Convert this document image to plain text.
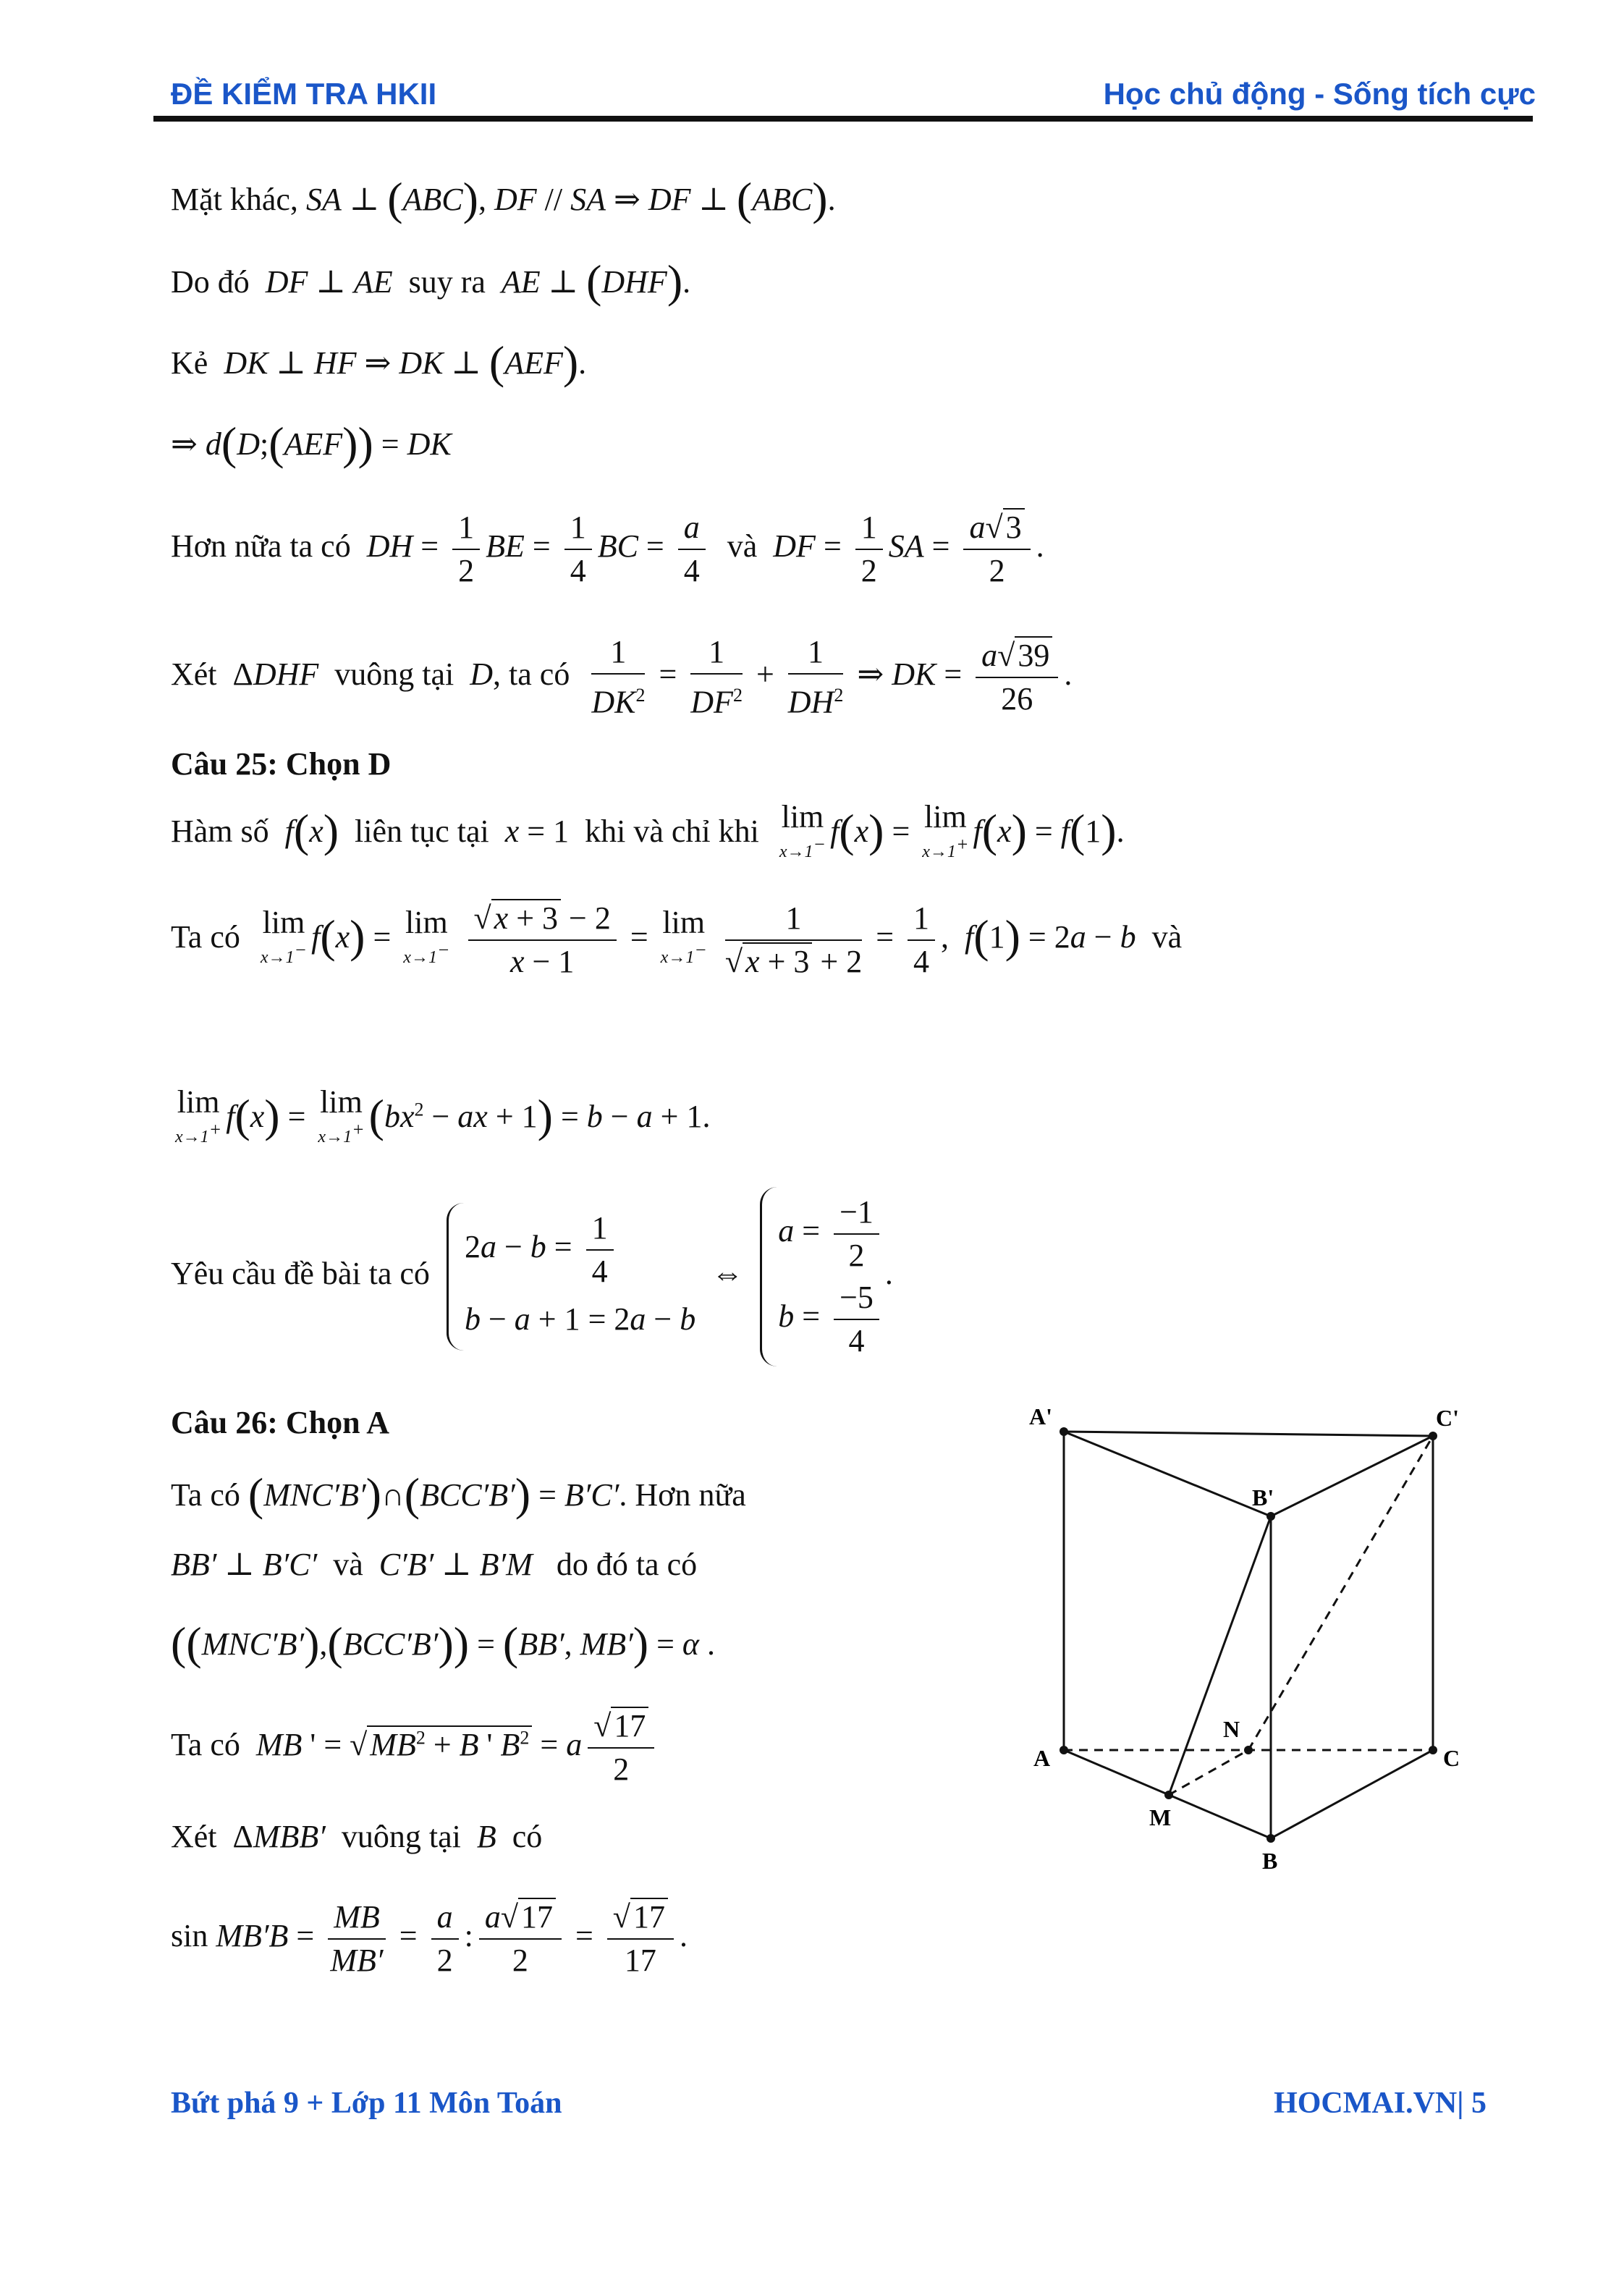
ĐỀ KIỂM TRA HKII	Học chủ động - Sống tích cực
Mặt khác, SA ⊥ (ABC), DF // SA ⇒ DF ⊥ (ABC).
Do đó DF ⊥ AE suy ra AE ⊥ (DHF).
Kẻ DK ⊥ HF ⇒ DK ⊥ (AEF).
⇒ d(D;(AEF)) = DK
Hơn nữa ta có DH = $\frac{1}{2}$ BE = $\frac{1}{4}$ BC = $\frac{a}{4}$ và DF = $\frac{1}{2}$ SA = $\frac{a√3}{2}$ .
Xét  ΔDHF vuông tại D, ta có $\frac{1}{DK^2} = \frac{1}{DF^2} + \frac{1}{DH^2}$ ⇒ DK = $\frac{a√39}{26}$ .
Câu 25: Chọn D
Hàm số f(x) liên tục tại x = 1  khi và chỉ khi lim
x→1− f(x) = lim
x→1+ f(x) = f(1).
Ta có lim
x→1− f(x) = lim
x→1−
$\frac{√x + 3 - 2}{x - 1} = \lim$
x→1−
$\frac{1}{√x + 3 + 2} = \frac{1}{4}$ ,  f(1) = 2a − b và
lim
x→1+ f(x) = lim
x→1+ ($bx^2$ − ax + 1) = b − a + 1.
Yêu cầu đề bài ta có
$2a - b = \frac{1}{4}$
b − a + 1 = 2a − b
⇔
$a = \frac{-1}{2}$
$b = \frac{-5}{4}$
.
Câu 26: Chọn A
Ta có (MNC′B′)∩(BCC′B′) = B′C′. Hơn nữa
BB′ ⊥ B′C′ và C′B′ ⊥ B′M do đó ta có
((MNC′B′),(BCC′B′)) = (BB′, MB′) = α .
Ta có MB ' = $√MB^2 + B$ ' $B^2 = a \frac{√17}{2}$
Xét  ΔMBB′ vuông tại B có
$\sin MB'B = \frac{MB}{MB'} = \frac{a}{2}$ : $\frac{a√17}{2} = \frac{√17}{17}$ .
A'	C'
B'
A
N
C
M
B
Bứt phá 9 + Lớp 11 Môn Toán	HOCMAI.VN| 5
